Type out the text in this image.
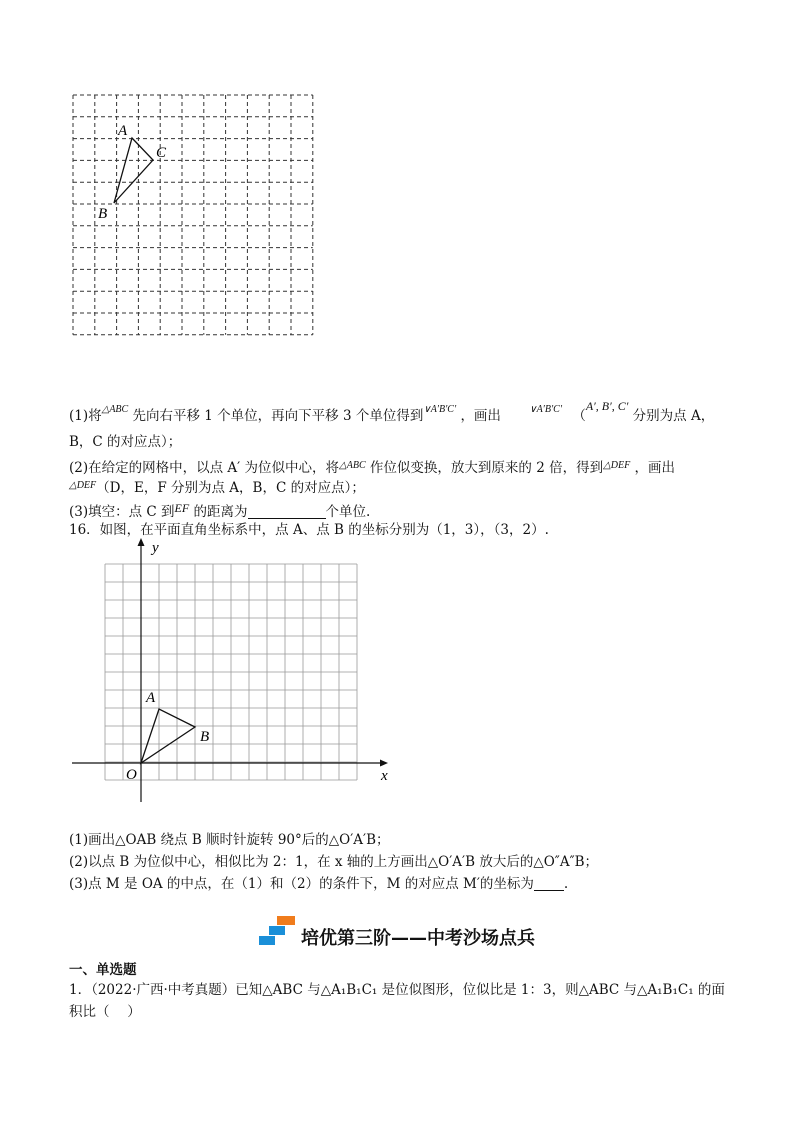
A
C
B
(1)将$^{\triangle ABC}$ 先向右平移 1 个单位，再向下平移 3 个单位得到$^{\vee A'B'C'}$ ，画出	$^{\vee A'B'C'}$ （$^{A', B', C'}$ 分别为点 A，
B，C 的对应点）；
(2)在给定的网格中，以点 A′ 为位似中心，将$^{\triangle ABC}$ 作位似变换，放大到原来的 2 倍，得到$^{\triangle DEF}$ ，画出
$^{\triangle DEF}$（D，E，F 分别为点 A，B，C 的对应点）；
(3)填空：点 C 到$^{EF}$ 的距离为	个单位.
16．如图，在平面直角坐标系中，点 A、点 B 的坐标分别为（1，3），（3，2）.
y
x
O
A
B
(1)画出△OAB 绕点 B 顺时针旋转 90°后的△O′A′B；
(2)以点 B 为位似中心，相似比为 2：1，在 x 轴的上方画出△O′A′B 放大后的△O″A″B；
(3)点 M 是 OA 的中点，在（1）和（2）的条件下，M 的对应点 M′的坐标为 .
培优第三阶——中考沙场点兵
一、单选题
1．（2022·广西·中考真题）已知△ABC 与△A₁B₁C₁ 是位似图形，位似比是 1：3，则△ABC 与△A₁B₁C₁ 的面
积比（　 ）
